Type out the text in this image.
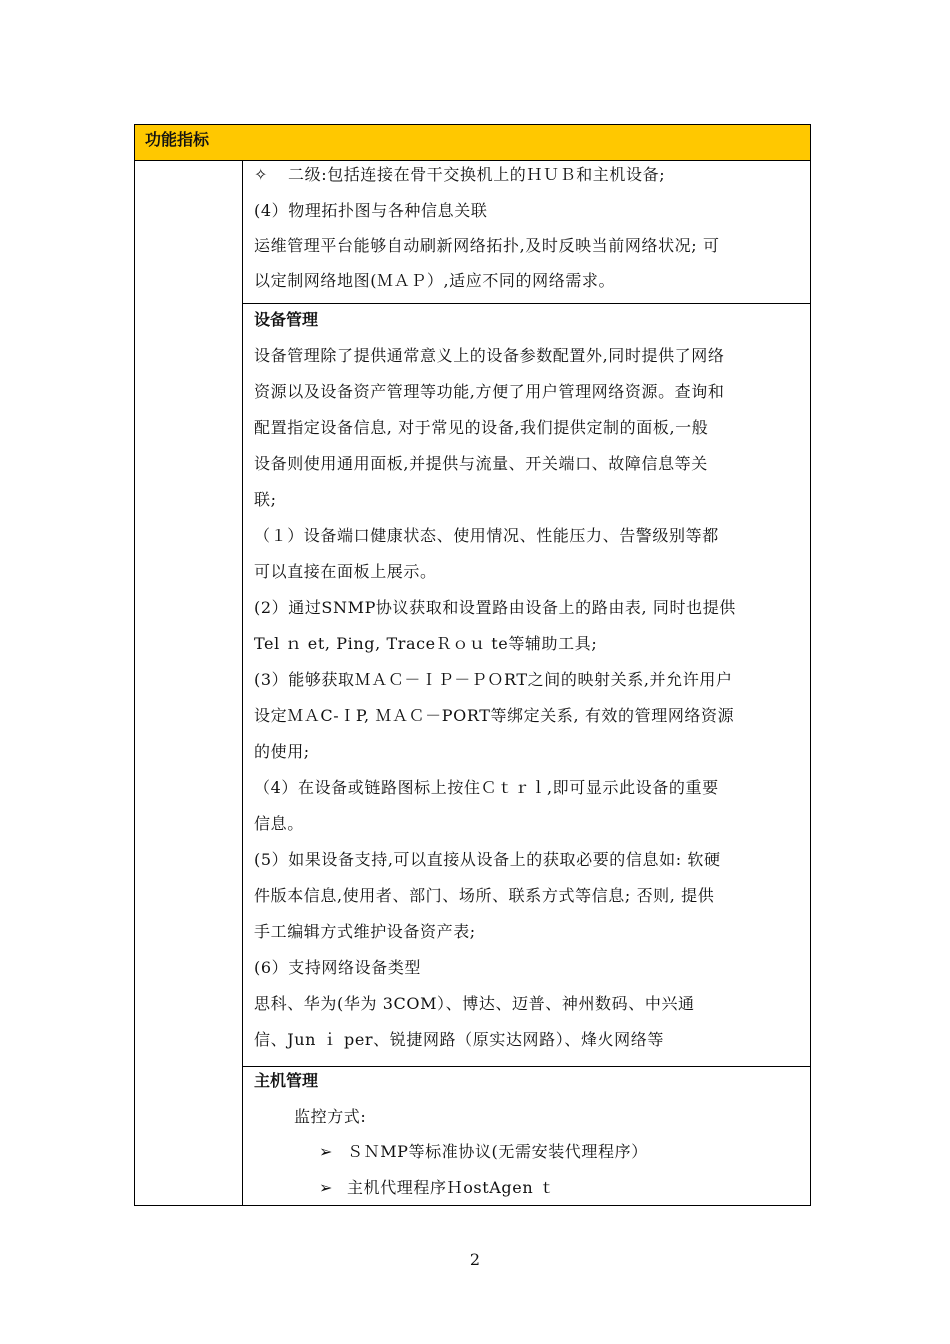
功能指标
✧ 二级:包括连接在骨干交换机上的ＨＵＢ和主机设备;
(4）物理拓扑图与各种信息关联
运维管理平台能够自动刷新网络拓扑,及时反映当前网络状况; 可
以定制网络地图(ＭＡＰ）,适应不同的网络需求。
设备管理
设备管理除了提供通常意义上的设备参数配置外,同时提供了网络
资源以及设备资产管理等功能,方便了用户管理网络资源。查询和
配置指定设备信息, 对于常见的设备,我们提供定制的面板,一般
设备则使用通用面板,并提供与流量、开关端口、故障信息等关
联;
（１）设备端口健康状态、使用情况、性能压力、告警级别等都
可以直接在面板上展示。
(2）通过SNMP协议获取和设置路由设备上的路由表, 同时也提供
Tel ｎ et, Ping, TraceＲｏｕ te等辅助工具;
(3）能够获取ＭＡＣ－ＩＰ－ＰＯRT之间的映射关系,并允许用户
设定ＭＡC-ＩP, ＭＡＣ－PORT等绑定关系, 有效的管理网络资源
的使用;
（4）在设备或链路图标上按住Ｃｔｒｌ,即可显示此设备的重要
信息。
(5）如果设备支持,可以直接从设备上的获取必要的信息如: 软硬
件版本信息,使用者、部门、场所、联系方式等信息; 否则, 提供
手工编辑方式维护设备资产表;
(6）支持网络设备类型
思科、华为(华为 3COM）、博达、迈普、神州数码、中兴通
信、Jun ｉ per、锐捷网路（原实达网路）、烽火网络等
主机管理
监控方式:
➢ ＳＮMP等标准协议(无需安装代理程序）
➢ 主机代理程序ＨostAgen ｔ
2
